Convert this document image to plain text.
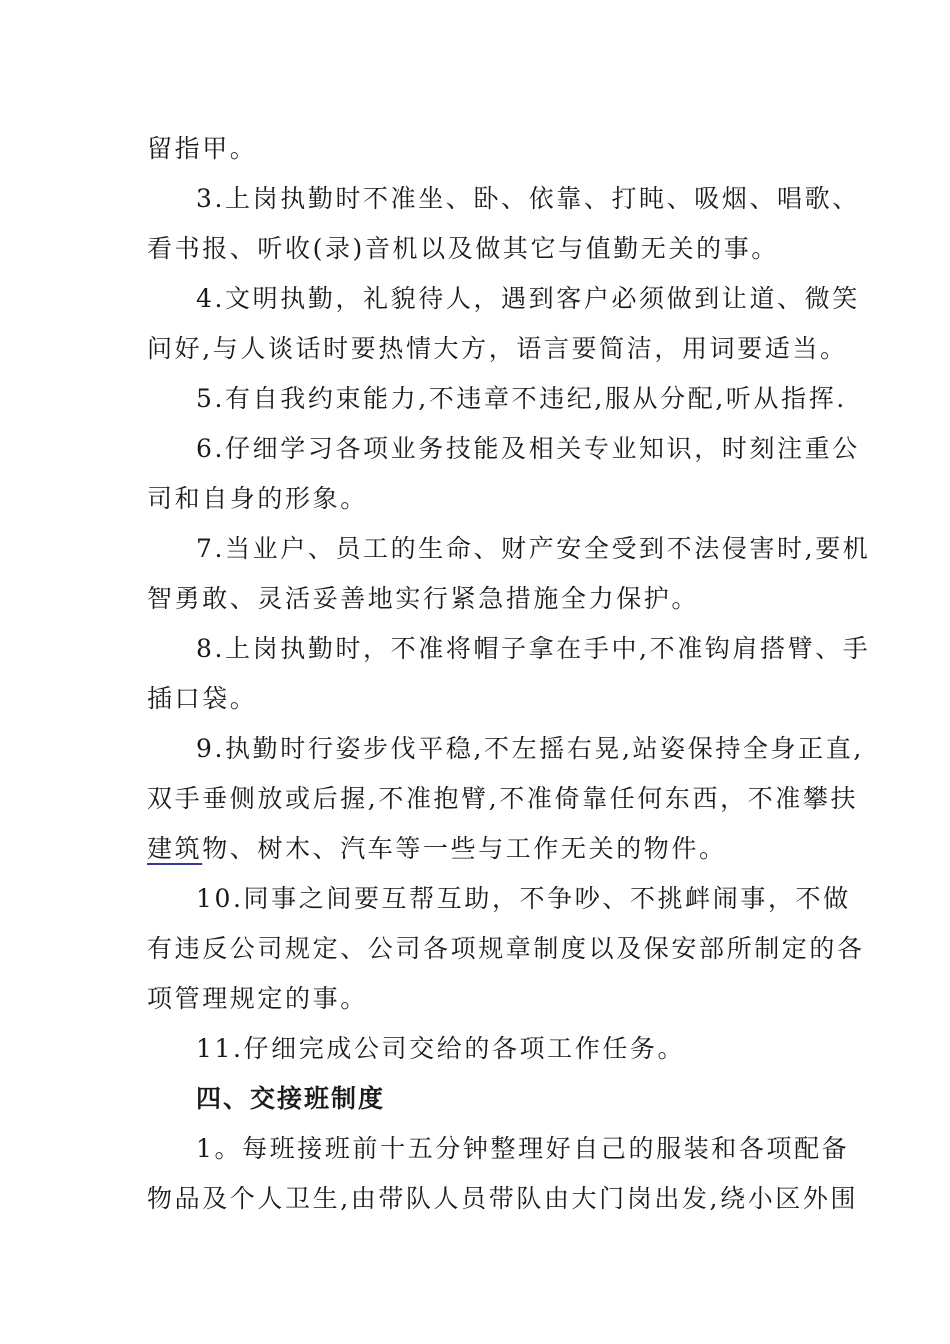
留指甲。
3.上岗执勤时不准坐、卧、依靠、打盹、吸烟、唱歌、
看书报、听收(录)音机以及做其它与值勤无关的事。
4.文明执勤，礼貌待人，遇到客户必须做到让道、微笑
问好,与人谈话时要热情大方，语言要简洁，用词要适当。
5.有自我约束能力,不违章不违纪,服从分配,听从指挥.
6.仔细学习各项业务技能及相关专业知识，时刻注重公
司和自身的形象。
7.当业户、员工的生命、财产安全受到不法侵害时,要机
智勇敢、灵活妥善地实行紧急措施全力保护。
8.上岗执勤时，不准将帽子拿在手中,不准钩肩搭臂、手
插口袋。
9.执勤时行姿步伐平稳,不左摇右晃,站姿保持全身正直,
双手垂侧放或后握,不准抱臂,不准倚靠任何东西，不准攀扶
建筑物、树木、汽车等一些与工作无关的物件。
10.同事之间要互帮互助，不争吵、不挑衅闹事，不做
有违反公司规定、公司各项规章制度以及保安部所制定的各
项管理规定的事。
11.仔细完成公司交给的各项工作任务。
四、交接班制度
1。每班接班前十五分钟整理好自己的服装和各项配备
物品及个人卫生,由带队人员带队由大门岗出发,绕小区外围
